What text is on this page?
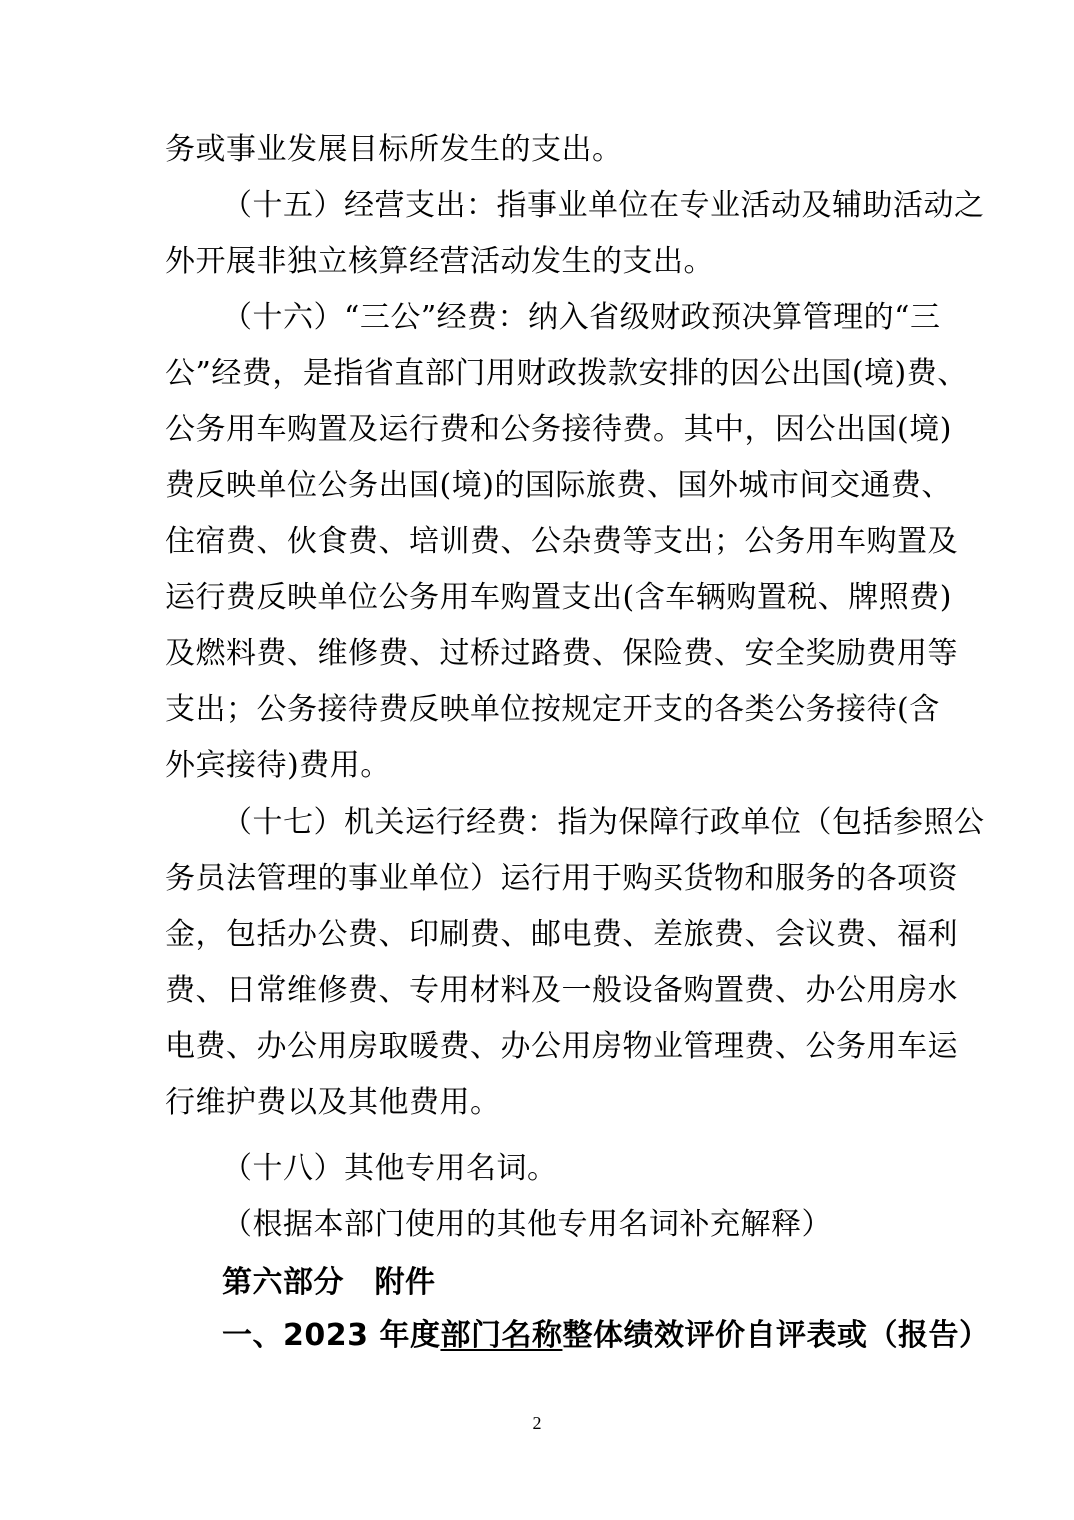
务或事业发展目标所发生的支出。
（十五）经营支出：指事业单位在专业活动及辅助活动之
外开展非独立核算经营活动发生的支出。
（十六）“三公”经费：纳入省级财政预决算管理的“三
公”经费，是指省直部门用财政拨款安排的因公出国(境)费、
公务用车购置及运行费和公务接待费。其中，因公出国(境)
费反映单位公务出国(境)的国际旅费、国外城市间交通费、
住宿费、伙食费、培训费、公杂费等支出；公务用车购置及
运行费反映单位公务用车购置支出(含车辆购置税、牌照费)
及燃料费、维修费、过桥过路费、保险费、安全奖励费用等
支出；公务接待费反映单位按规定开支的各类公务接待(含
外宾接待)费用。
（十七）机关运行经费：指为保障行政单位（包括参照公
务员法管理的事业单位）运行用于购买货物和服务的各项资
金，包括办公费、印刷费、邮电费、差旅费、会议费、福利
费、日常维修费、专用材料及一般设备购置费、办公用房水
电费、办公用房取暖费、办公用房物业管理费、公务用车运
行维护费以及其他费用。
（十八）其他专用名词。
（根据本部门使用的其他专用名词补充解释）
第六部分　附件
一、2023 年度部门名称整体绩效评价自评表或（报告）
2
